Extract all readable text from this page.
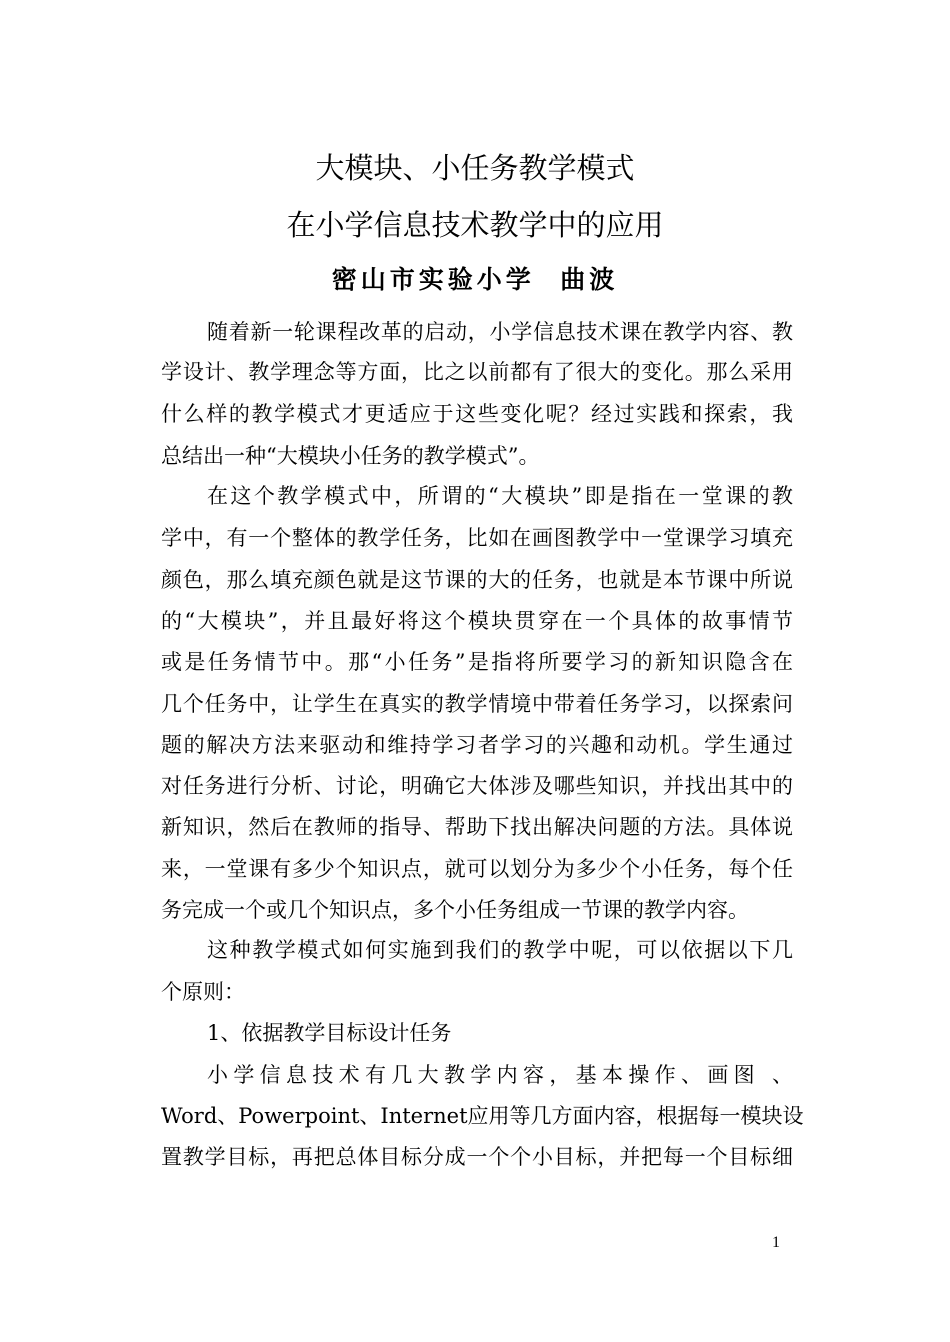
大模块、小任务教学模式
在小学信息技术教学中的应用
密山市实验小学  曲波
随着新一轮课程改革的启动，小学信息技术课在教学内容、教
学设计、教学理念等方面，比之以前都有了很大的变化。那么采用
什么样的教学模式才更适应于这些变化呢？经过实践和探索，我
总结出一种“大模块小任务的教学模式”。
在这个教学模式中，所谓的“大模块”即是指在一堂课的教
学中，有一个整体的教学任务，比如在画图教学中一堂课学习填充
颜色，那么填充颜色就是这节课的大的任务，也就是本节课中所说
的“大模块”，并且最好将这个模块贯穿在一个具体的故事情节
或是任务情节中。那“小任务”是指将所要学习的新知识隐含在
几个任务中，让学生在真实的教学情境中带着任务学习，以探索问
题的解决方法来驱动和维持学习者学习的兴趣和动机。学生通过
对任务进行分析、讨论，明确它大体涉及哪些知识，并找出其中的
新知识，然后在教师的指导、帮助下找出解决问题的方法。具体说
来，一堂课有多少个知识点，就可以划分为多少个小任务，每个任
务完成一个或几个知识点，多个小任务组成一节课的教学内容。
这种教学模式如何实施到我们的教学中呢，可以依据以下几
个原则：
1、依据教学目标设计任务
小学信息技术有几大教学内容，基本操作、画图 、
Word、Powerpoint、Internet应用等几方面内容，根据每一模块设
置教学目标，再把总体目标分成一个个小目标，并把每一个目标细
1
